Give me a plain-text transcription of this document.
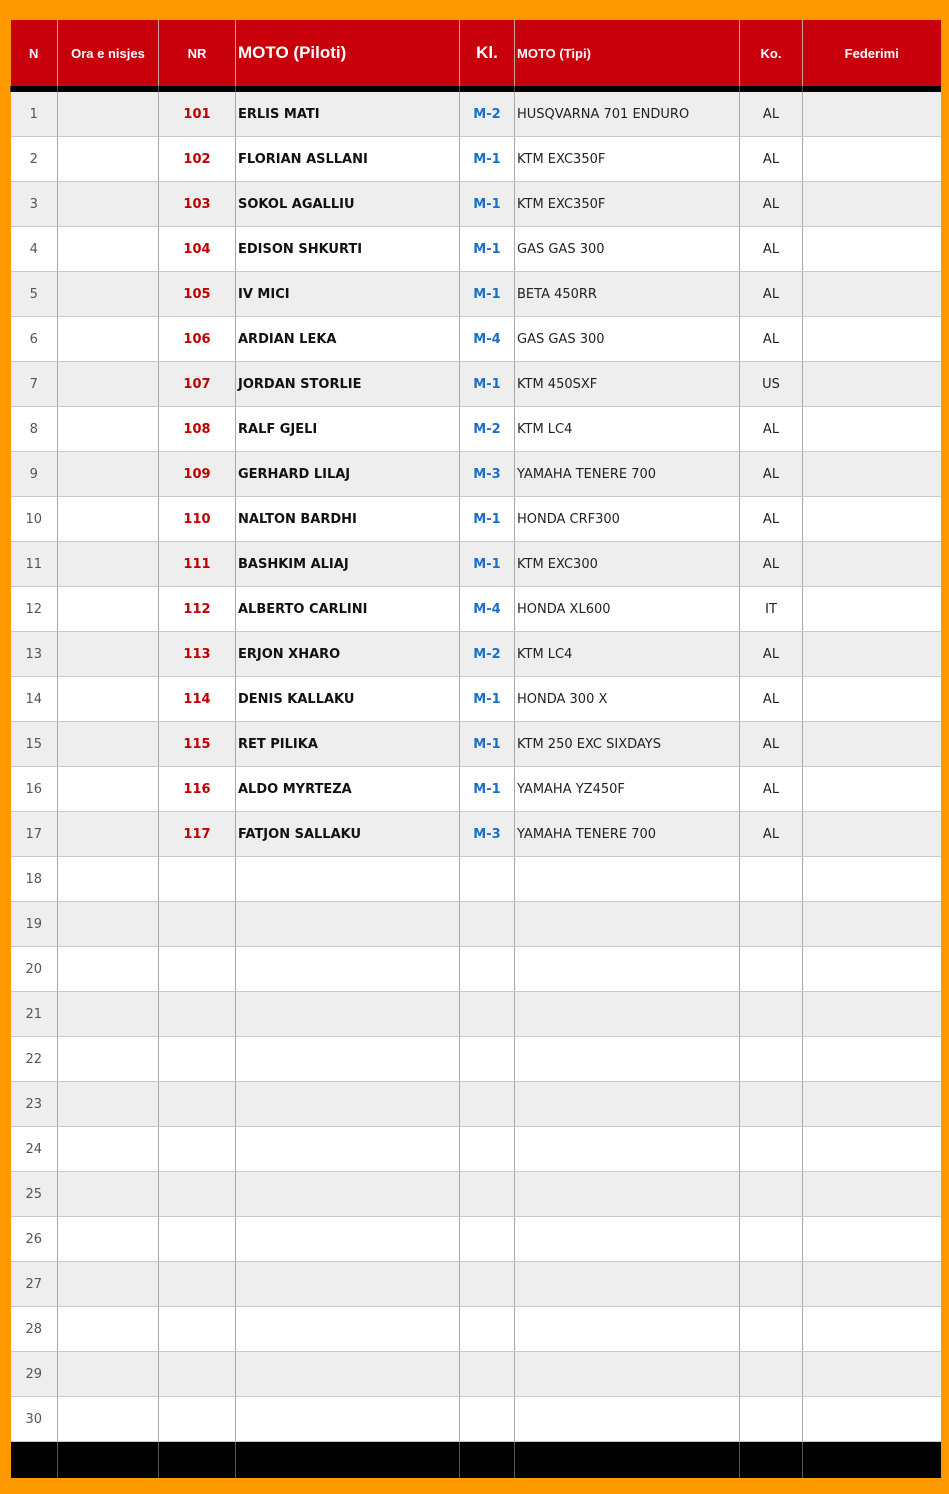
N	Ora e nisjes	NR	MOTO (Piloti)	Kl.	MOTO (Tipi)	Ko.	Federimi

1		101	ERLIS MATI	M-2	HUSQVARNA 701 ENDURO	AL	
2		102	FLORIAN ASLLANI	M-1	KTM EXC350F	AL	
3		103	SOKOL AGALLIU	M-1	KTM EXC350F	AL	
4		104	EDISON SHKURTI	M-1	GAS GAS 300	AL	
5		105	IV MICI	M-1	BETA 450RR	AL	
6		106	ARDIAN LEKA	M-4	GAS GAS 300	AL	
7		107	JORDAN STORLIE	M-1	KTM 450SXF	US	
8		108	RALF GJELI	M-2	KTM LC4	AL	
9		109	GERHARD LILAJ	M-3	YAMAHA TENERE 700	AL	
10		110	NALTON BARDHI	M-1	HONDA CRF300	AL	
11		111	BASHKIM ALIAJ	M-1	KTM EXC300	AL	
12		112	ALBERTO CARLINI	M-4	HONDA XL600	IT	
13		113	ERJON XHARO	M-2	KTM LC4	AL	
14		114	DENIS KALLAKU	M-1	HONDA 300 X	AL	
15		115	RET PILIKA	M-1	KTM 250 EXC SIXDAYS	AL	
16		116	ALDO MYRTEZA	M-1	YAMAHA YZ450F	AL	
17		117	FATJON SALLAKU	M-3	YAMAHA TENERE 700	AL	
18							
19							
20							
21							
22							
23							
24							
25							
26							
27							
28							
29							
30							
